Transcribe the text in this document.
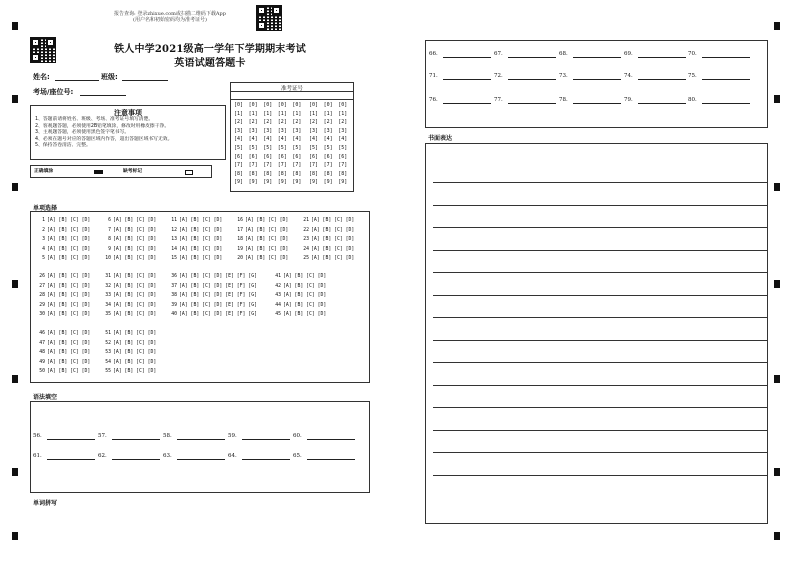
报告查询: 登录zhixue.com或扫描二维码下载App
(用户名和初始密码均为准考证号)
铁人中学2021级高一学年下学期期末考试
英语试题答题卡
姓名:	班级:
考场/座位号:
注意事项
1、答题前请将姓名、班级、考场、准考证号填写清楚。
2、客观题答题，必须使用2B铅笔填涂，修改时用橡皮擦干净。
3、主观题答题，必须使用黑色签字笔书写。
4、必须在题号对应的答题区域内作答，超出答题区域书写无效。
5、保持答卷清洁、完整。
正确填涂	缺考标记
准考证号
[0] [0] [0] [0] [0] [0] [0] [0]
[1] [1] [1] [1] [1] [1] [1] [1]
[2] [2] [2] [2] [2] [2] [2] [2]
[3] [3] [3] [3] [3] [3] [3] [3]
[4] [4] [4] [4] [4] [4] [4] [4]
[5] [5] [5] [5] [5] [5] [5] [5]
[6] [6] [6] [6] [6] [6] [6] [6]
[7] [7] [7] [7] [7] [7] [7] [7]
[8] [8] [8] [8] [8] [8] [8] [8]
[9] [9] [9] [9] [9] [9] [9] [9]
单项选择
1 [A] [B] [C] [D]
2 [A] [B] [C] [D]
3 [A] [B] [C] [D]
4 [A] [B] [C] [D]
5 [A] [B] [C] [D]
6 [A] [B] [C] [D]
7 [A] [B] [C] [D]
8 [A] [B] [C] [D]
9 [A] [B] [C] [D]
10 [A] [B] [C] [D]
11 [A] [B] [C] [D]
12 [A] [B] [C] [D]
13 [A] [B] [C] [D]
14 [A] [B] [C] [D]
15 [A] [B] [C] [D]
16 [A] [B] [C] [D]
17 [A] [B] [C] [D]
18 [A] [B] [C] [D]
19 [A] [B] [C] [D]
20 [A] [B] [C] [D]
21 [A] [B] [C] [D]
22 [A] [B] [C] [D]
23 [A] [B] [C] [D]
24 [A] [B] [C] [D]
25 [A] [B] [C] [D]
26 [A] [B] [C] [D]
27 [A] [B] [C] [D]
28 [A] [B] [C] [D]
29 [A] [B] [C] [D]
30 [A] [B] [C] [D]
31 [A] [B] [C] [D]
32 [A] [B] [C] [D]
33 [A] [B] [C] [D]
34 [A] [B] [C] [D]
35 [A] [B] [C] [D]
36 [A] [B] [C] [D] [E] [F] [G]
37 [A] [B] [C] [D] [E] [F] [G]
38 [A] [B] [C] [D] [E] [F] [G]
39 [A] [B] [C] [D] [E] [F] [G]
40 [A] [B] [C] [D] [E] [F] [G]
41 [A] [B] [C] [D]
42 [A] [B] [C] [D]
43 [A] [B] [C] [D]
44 [A] [B] [C] [D]
45 [A] [B] [C] [D]
46 [A] [B] [C] [D]
47 [A] [B] [C] [D]
48 [A] [B] [C] [D]
49 [A] [B] [C] [D]
50 [A] [B] [C] [D]
51 [A] [B] [C] [D]
52 [A] [B] [C] [D]
53 [A] [B] [C] [D]
54 [A] [B] [C] [D]
55 [A] [B] [C] [D]
语法填空
56.	57.	58.	59.	60.
61.	62.	63.	64.	65.
单词拼写
66.	67.	68.	69.	70.
71.	72.	73.	74.	75.
76.	77.	78.	79.	80.
书面表达
